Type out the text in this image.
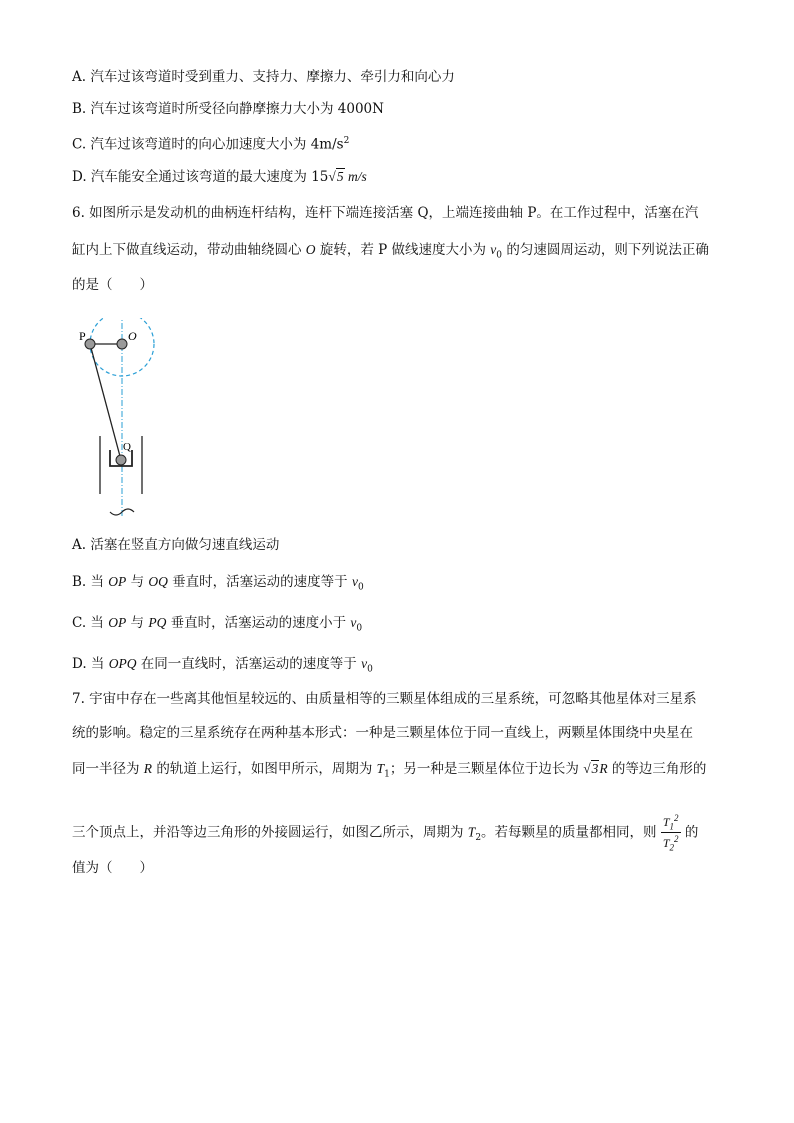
A. 汽车过该弯道时受到重力、支持力、摩擦力、牵引力和向心力
B. 汽车过该弯道时所受径向静摩擦力大小为 4000N
C. 汽车过该弯道时的向心加速度大小为 $4m/s^2$
D. 汽车能安全通过该弯道的最大速度为 15√5 m/s
6. 如图所示是发动机的曲柄连杆结构，连杆下端连接活塞 Q，上端连接曲轴 P。在工作过程中，活塞在汽
缸内上下做直线运动，带动曲轴绕圆心 O 旋转，若 P 做线速度大小为 $v_0$ 的匀速圆周运动，则下列说法正确
的是（　　）
P	O
Q
A. 活塞在竖直方向做匀速直线运动
B. 当 OP 与 OQ 垂直时，活塞运动的速度等于 $v_0$
C. 当 OP 与 PQ 垂直时，活塞运动的速度小于 $v_0$
D. 当 OPQ 在同一直线时，活塞运动的速度等于 $v_0$
7. 宇宙中存在一些离其他恒星较远的、由质量相等的三颗星体组成的三星系统，可忽略其他星体对三星系
统的影响。稳定的三星系统存在两种基本形式：一种是三颗星体位于同一直线上，两颗星体围绕中央星在
同一半径为 R 的轨道上运行，如图甲所示，周期为 $T_1$；另一种是三颗星体位于边长为 √3R 的等边三角形的
三个顶点上，并沿等边三角形的外接圆运行，如图乙所示，周期为 $T_2$。若每颗星的质量都相同，则 $\frac{T_1^2}{T_2^2}$ 的
值为（　　）
